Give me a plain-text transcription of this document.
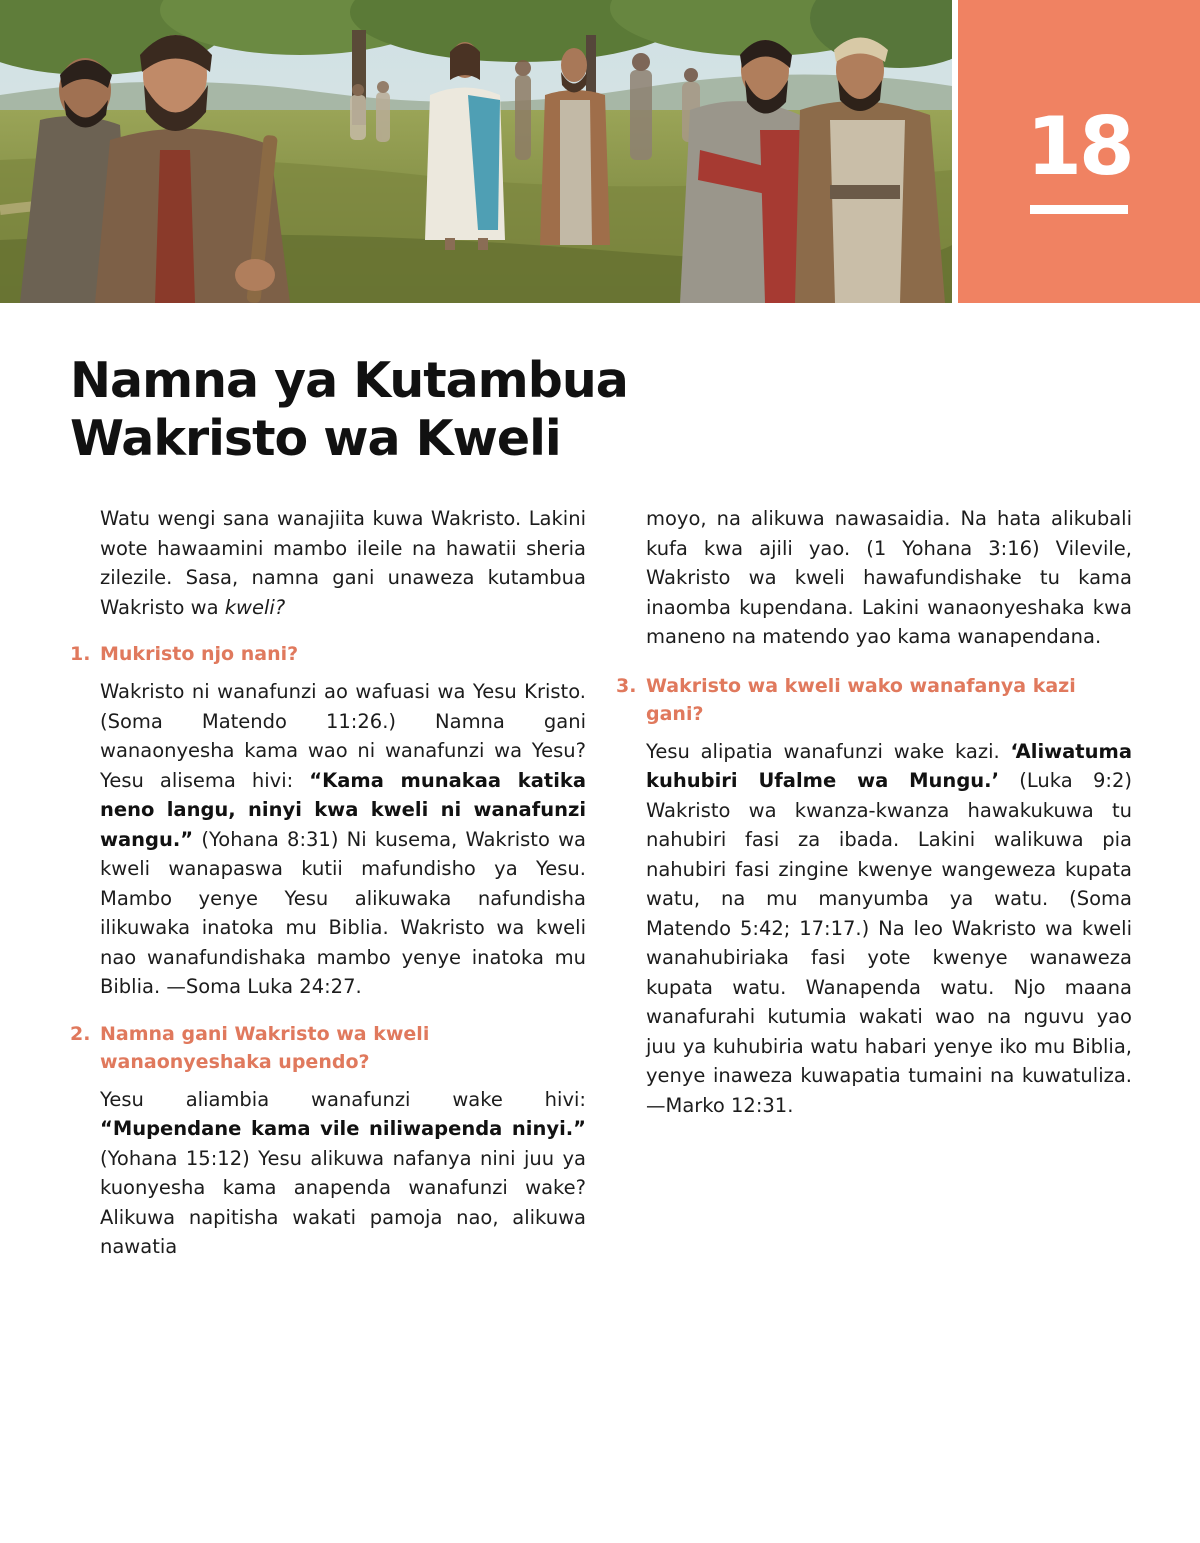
18
Namna ya Kutambua
Wakristo wa Kweli

Watu wengi sana wanajiita kuwa Wakristo. Lakini wote hawaamini mambo ileile na hawatii sheria zilezile. Sasa, namna gani unaweza kutambua Wakristo wa kweli?

1. Mukristo njo nani?

Wakristo ni wanafunzi ao wafuasi wa Yesu Kristo. (Soma Matendo 11:26.) Namna gani wanaonyesha kama wao ni wanafunzi wa Yesu? Yesu alisema hivi: “Kama munakaa katika neno langu, ninyi kwa kweli ni wanafunzi wangu.” (Yohana 8:31) Ni kusema, Wakristo wa kweli wanapaswa kutii mafundisho ya Yesu. Mambo yenye Yesu alikuwaka nafundisha ilikuwaka inatoka mu Biblia. Wakristo wa kweli nao wanafundishaka mambo yenye inatoka mu Biblia. —Soma Luka 24:27.

2. Namna gani Wakristo wa kweli wanaonyeshaka upendo?

Yesu aliambia wanafunzi wake hivi: “Mupendane kama vile niliwapenda ninyi.” (Yohana 15:12) Yesu alikuwa nafanya nini juu ya kuonyesha kama anapenda wanafunzi wake? Alikuwa napitisha wakati pamoja nao, alikuwa nawatia

moyo, na alikuwa nawasaidia. Na hata alikubali kufa kwa ajili yao. (1 Yohana 3:16) Vilevile, Wakristo wa kweli hawafundishake tu kama inaomba kupendana. Lakini wanaonyeshaka kwa maneno na matendo yao kama wanapendana.

3. Wakristo wa kweli wako wanafanya kazi gani?

Yesu alipatia wanafunzi wake kazi. ‘Aliwatuma kuhubiri Ufalme wa Mungu.’ (Luka 9:2) Wakristo wa kwanza-kwanza hawakukuwa tu nahubiri fasi za ibada. Lakini walikuwa pia nahubiri fasi zingine kwenye wangeweza kupata watu, na mu manyumba ya watu. (Soma Matendo 5:42; 17:17.) Na leo Wakristo wa kweli wanahubiriaka fasi yote kwenye wanaweza kupata watu. Wanapenda watu. Njo maana wanafurahi kutumia wakati wao na nguvu yao juu ya kuhubiria watu habari yenye iko mu Biblia, yenye inaweza kuwapatia tumaini na kuwatuliza.—Marko 12:31.
